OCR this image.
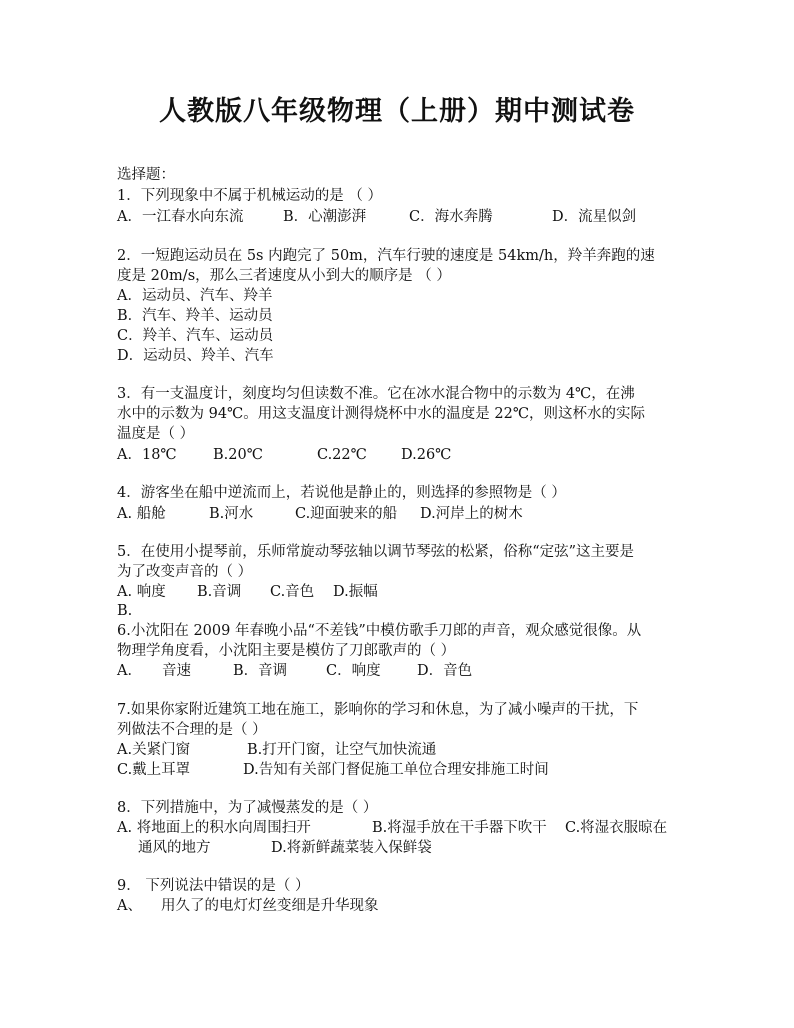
人教版八年级物理（上册）期中测试卷
选择题：
1．下列现象中不属于机械运动的是 （ ）
A．一江春水向东流	B．心潮澎湃	C．海水奔腾	D．流星似剑
2．一短跑运动员在 5s 内跑完了 50m，汽车行驶的速度是 54km/h，羚羊奔跑的速
度是 20m/s，那么三者速度从小到大的顺序是 （ ）
A．运动员、汽车、羚羊
B．汽车、羚羊、运动员
C．羚羊、汽车、运动员
D．运动员、羚羊、汽车
3．有一支温度计，刻度均匀但读数不准。它在冰水混合物中的示数为 4℃，在沸
水中的示数为 94℃。用这支温度计测得烧杯中水的温度是 22℃，则这杯水的实际
温度是（ ）
A．18℃	B.20℃	C.22℃ D.26℃
4．游客坐在船中逆流而上，若说他是静止的，则选择的参照物是（ ）
A. 船舱	B.河水	C.迎面驶来的船 D.河岸上的树木
5．在使用小提琴前，乐师常旋动琴弦轴以调节琴弦的松紧，俗称“定弦”这主要是
为了改变声音的（ ）
A. 响度 B.音调 C.音色 D.振幅
B.
6.小沈阳在 2009 年春晚小品“不差钱”中模仿歌手刀郎的声音，观众感觉很像。从
物理学角度看，小沈阳主要是模仿了刀郎歌声的（ ）
A． 音速	B．音调	C．响度	D．音色
7.如果你家附近建筑工地在施工，影响你的学习和休息，为了减小噪声的干扰，下
列做法不合理的是（ ）
A.关紧门窗	B.打开门窗，让空气加快流通
C.戴上耳罩	D.告知有关部门督促施工单位合理安排施工时间
8．下列措施中，为了减慢蒸发的是（ ）
A. 将地面上的积水向周围扫开	B.将湿手放在干手器下吹干 C.将湿衣服晾在
通风的地方	D.将新鲜蔬菜装入保鲜袋
9． 下列说法中错误的是（ ）
A、 用久了的电灯灯丝变细是升华现象
